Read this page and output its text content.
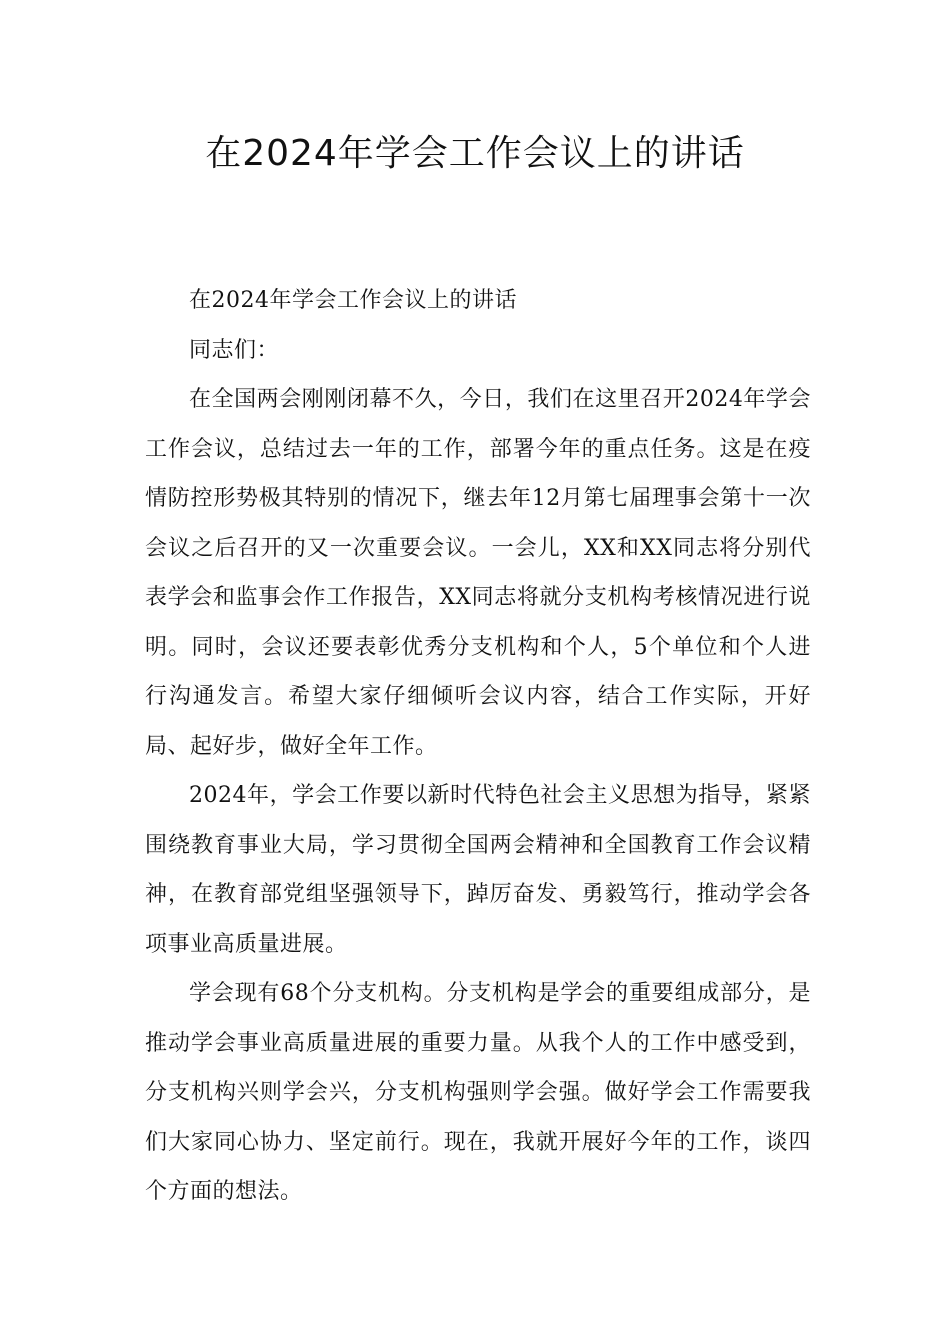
在2024年学会工作会议上的讲话

在2024年学会工作会议上的讲话

同志们：

在全国两会刚刚闭幕不久，今日，我们在这里召开2024年学会工作会议，总结过去一年的工作，部署今年的重点任务。这是在疫情防控形势极其特别的情况下，继去年12月第七届理事会第十一次会议之后召开的又一次重要会议。一会儿，XX和XX同志将分别代表学会和监事会作工作报告，XX同志将就分支机构考核情况进行说明。同时，会议还要表彰优秀分支机构和个人，5个单位和个人进行沟通发言。希望大家仔细倾听会议内容，结合工作实际，开好局、起好步，做好全年工作。

2024年，学会工作要以新时代特色社会主义思想为指导，紧紧围绕教育事业大局，学习贯彻全国两会精神和全国教育工作会议精神，在教育部党组坚强领导下，踔厉奋发、勇毅笃行，推动学会各项事业高质量进展。

学会现有68个分支机构。分支机构是学会的重要组成部分，是推动学会事业高质量进展的重要力量。从我个人的工作中感受到，分支机构兴则学会兴，分支机构强则学会强。做好学会工作需要我们大家同心协力、坚定前行。现在，我就开展好今年的工作，谈四个方面的想法。
